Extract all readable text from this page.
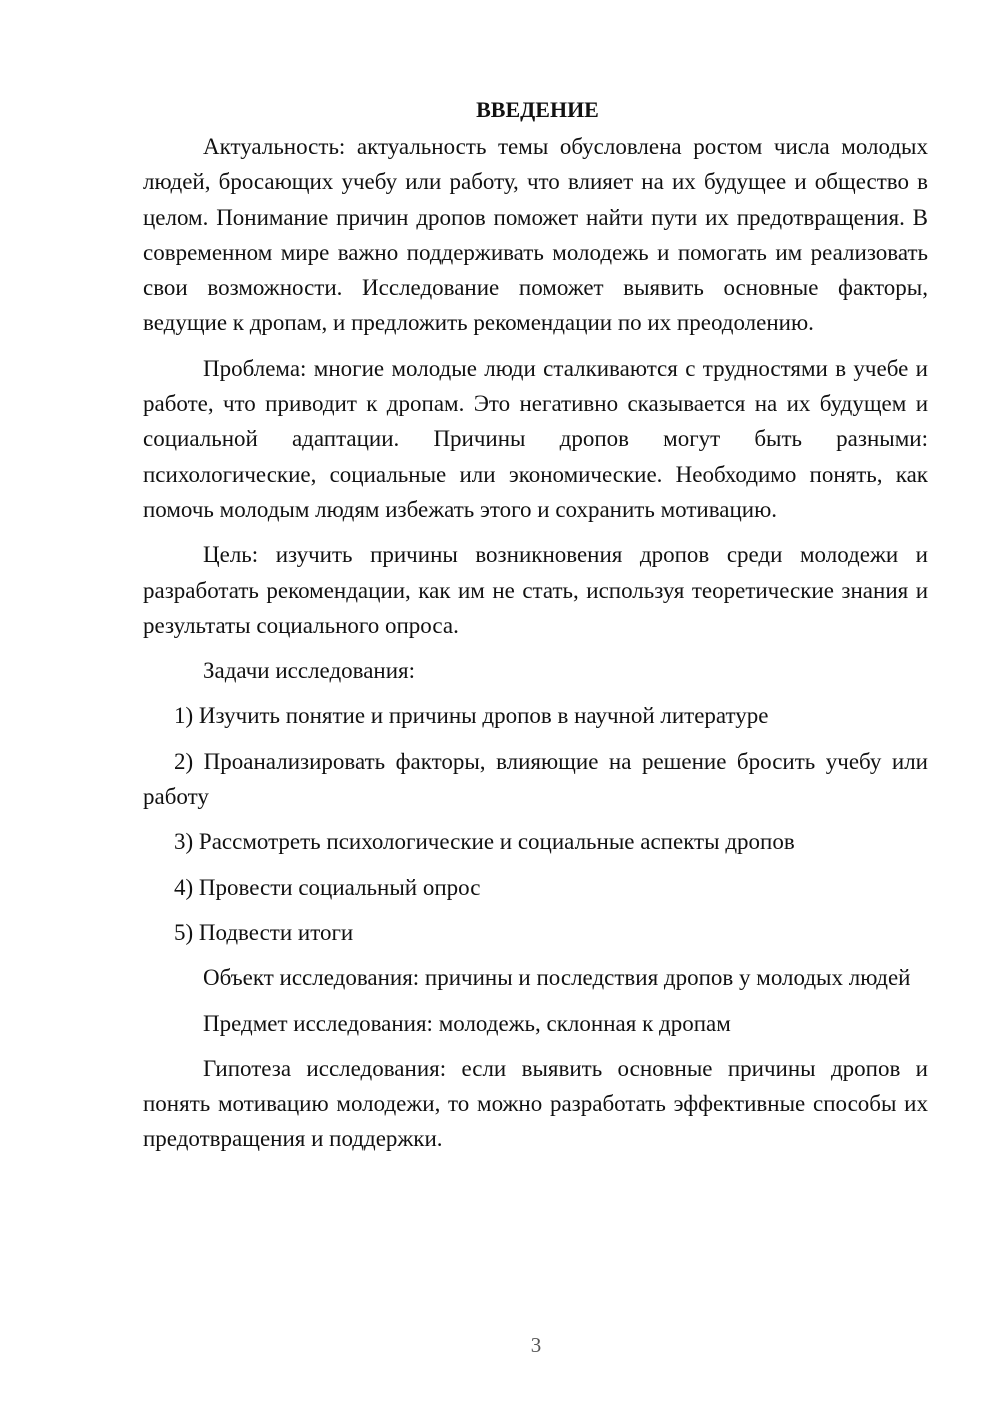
ВВЕДЕНИЕ

Актуальность: актуальность темы обусловлена ростом числа молодых людей, бросающих учебу или работу, что влияет на их будущее и общество в целом. Понимание причин дропов поможет найти пути их предотвращения. В современном мире важно поддерживать молодежь и помогать им реализовать свои возможности. Исследование поможет выявить основные факторы, ведущие к дропам, и предложить рекомендации по их преодолению.

Проблема: многие молодые люди сталкиваются с трудностями в учебе и работе, что приводит к дропам. Это негативно сказывается на их будущем и социальной адаптации. Причины дропов могут быть разными: психологические, социальные или экономические. Необходимо понять, как помочь молодым людям избежать этого и сохранить мотивацию.

Цель: изучить причины возникновения дропов среди молодежи и разработать рекомендации, как им не стать, используя теоретические знания и результаты социального опроса.

Задачи исследования:

1) Изучить понятие и причины дропов в научной литературе

2) Проанализировать факторы, влияющие на решение бросить учебу или работу

3) Рассмотреть психологические и социальные аспекты дропов

4) Провести социальный опрос

5) Подвести итоги

Объект исследования: причины и последствия дропов у молодых людей

Предмет исследования: молодежь, склонная к дропам

Гипотеза исследования: если выявить основные причины дропов и понять мотивацию молодежи, то можно разработать эффективные способы их предотвращения и поддержки.

3
